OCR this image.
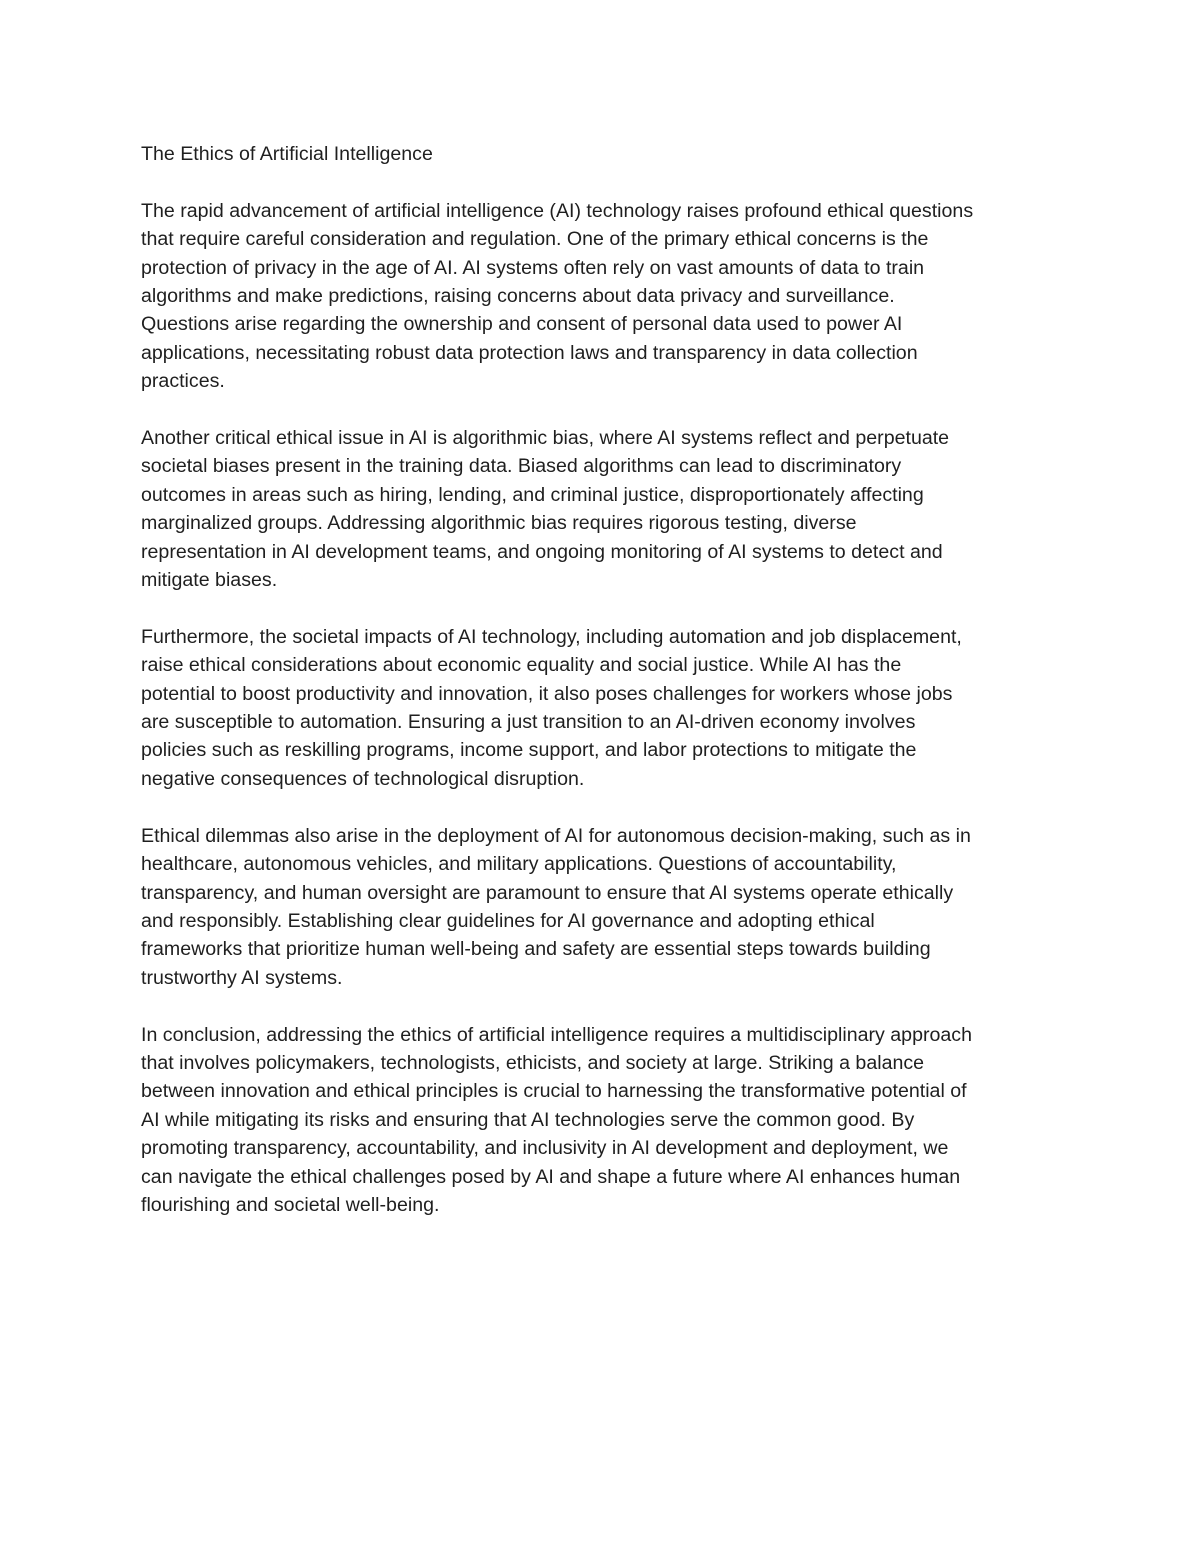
The Ethics of Artificial Intelligence
The rapid advancement of artificial intelligence (AI) technology raises profound ethical questions
that require careful consideration and regulation. One of the primary ethical concerns is the
protection of privacy in the age of AI. AI systems often rely on vast amounts of data to train
algorithms and make predictions, raising concerns about data privacy and surveillance.
Questions arise regarding the ownership and consent of personal data used to power AI
applications, necessitating robust data protection laws and transparency in data collection
practices.
Another critical ethical issue in AI is algorithmic bias, where AI systems reflect and perpetuate
societal biases present in the training data. Biased algorithms can lead to discriminatory
outcomes in areas such as hiring, lending, and criminal justice, disproportionately affecting
marginalized groups. Addressing algorithmic bias requires rigorous testing, diverse
representation in AI development teams, and ongoing monitoring of AI systems to detect and
mitigate biases.
Furthermore, the societal impacts of AI technology, including automation and job displacement,
raise ethical considerations about economic equality and social justice. While AI has the
potential to boost productivity and innovation, it also poses challenges for workers whose jobs
are susceptible to automation. Ensuring a just transition to an AI-driven economy involves
policies such as reskilling programs, income support, and labor protections to mitigate the
negative consequences of technological disruption.
Ethical dilemmas also arise in the deployment of AI for autonomous decision-making, such as in
healthcare, autonomous vehicles, and military applications. Questions of accountability,
transparency, and human oversight are paramount to ensure that AI systems operate ethically
and responsibly. Establishing clear guidelines for AI governance and adopting ethical
frameworks that prioritize human well-being and safety are essential steps towards building
trustworthy AI systems.
In conclusion, addressing the ethics of artificial intelligence requires a multidisciplinary approach
that involves policymakers, technologists, ethicists, and society at large. Striking a balance
between innovation and ethical principles is crucial to harnessing the transformative potential of
AI while mitigating its risks and ensuring that AI technologies serve the common good. By
promoting transparency, accountability, and inclusivity in AI development and deployment, we
can navigate the ethical challenges posed by AI and shape a future where AI enhances human
flourishing and societal well-being.
